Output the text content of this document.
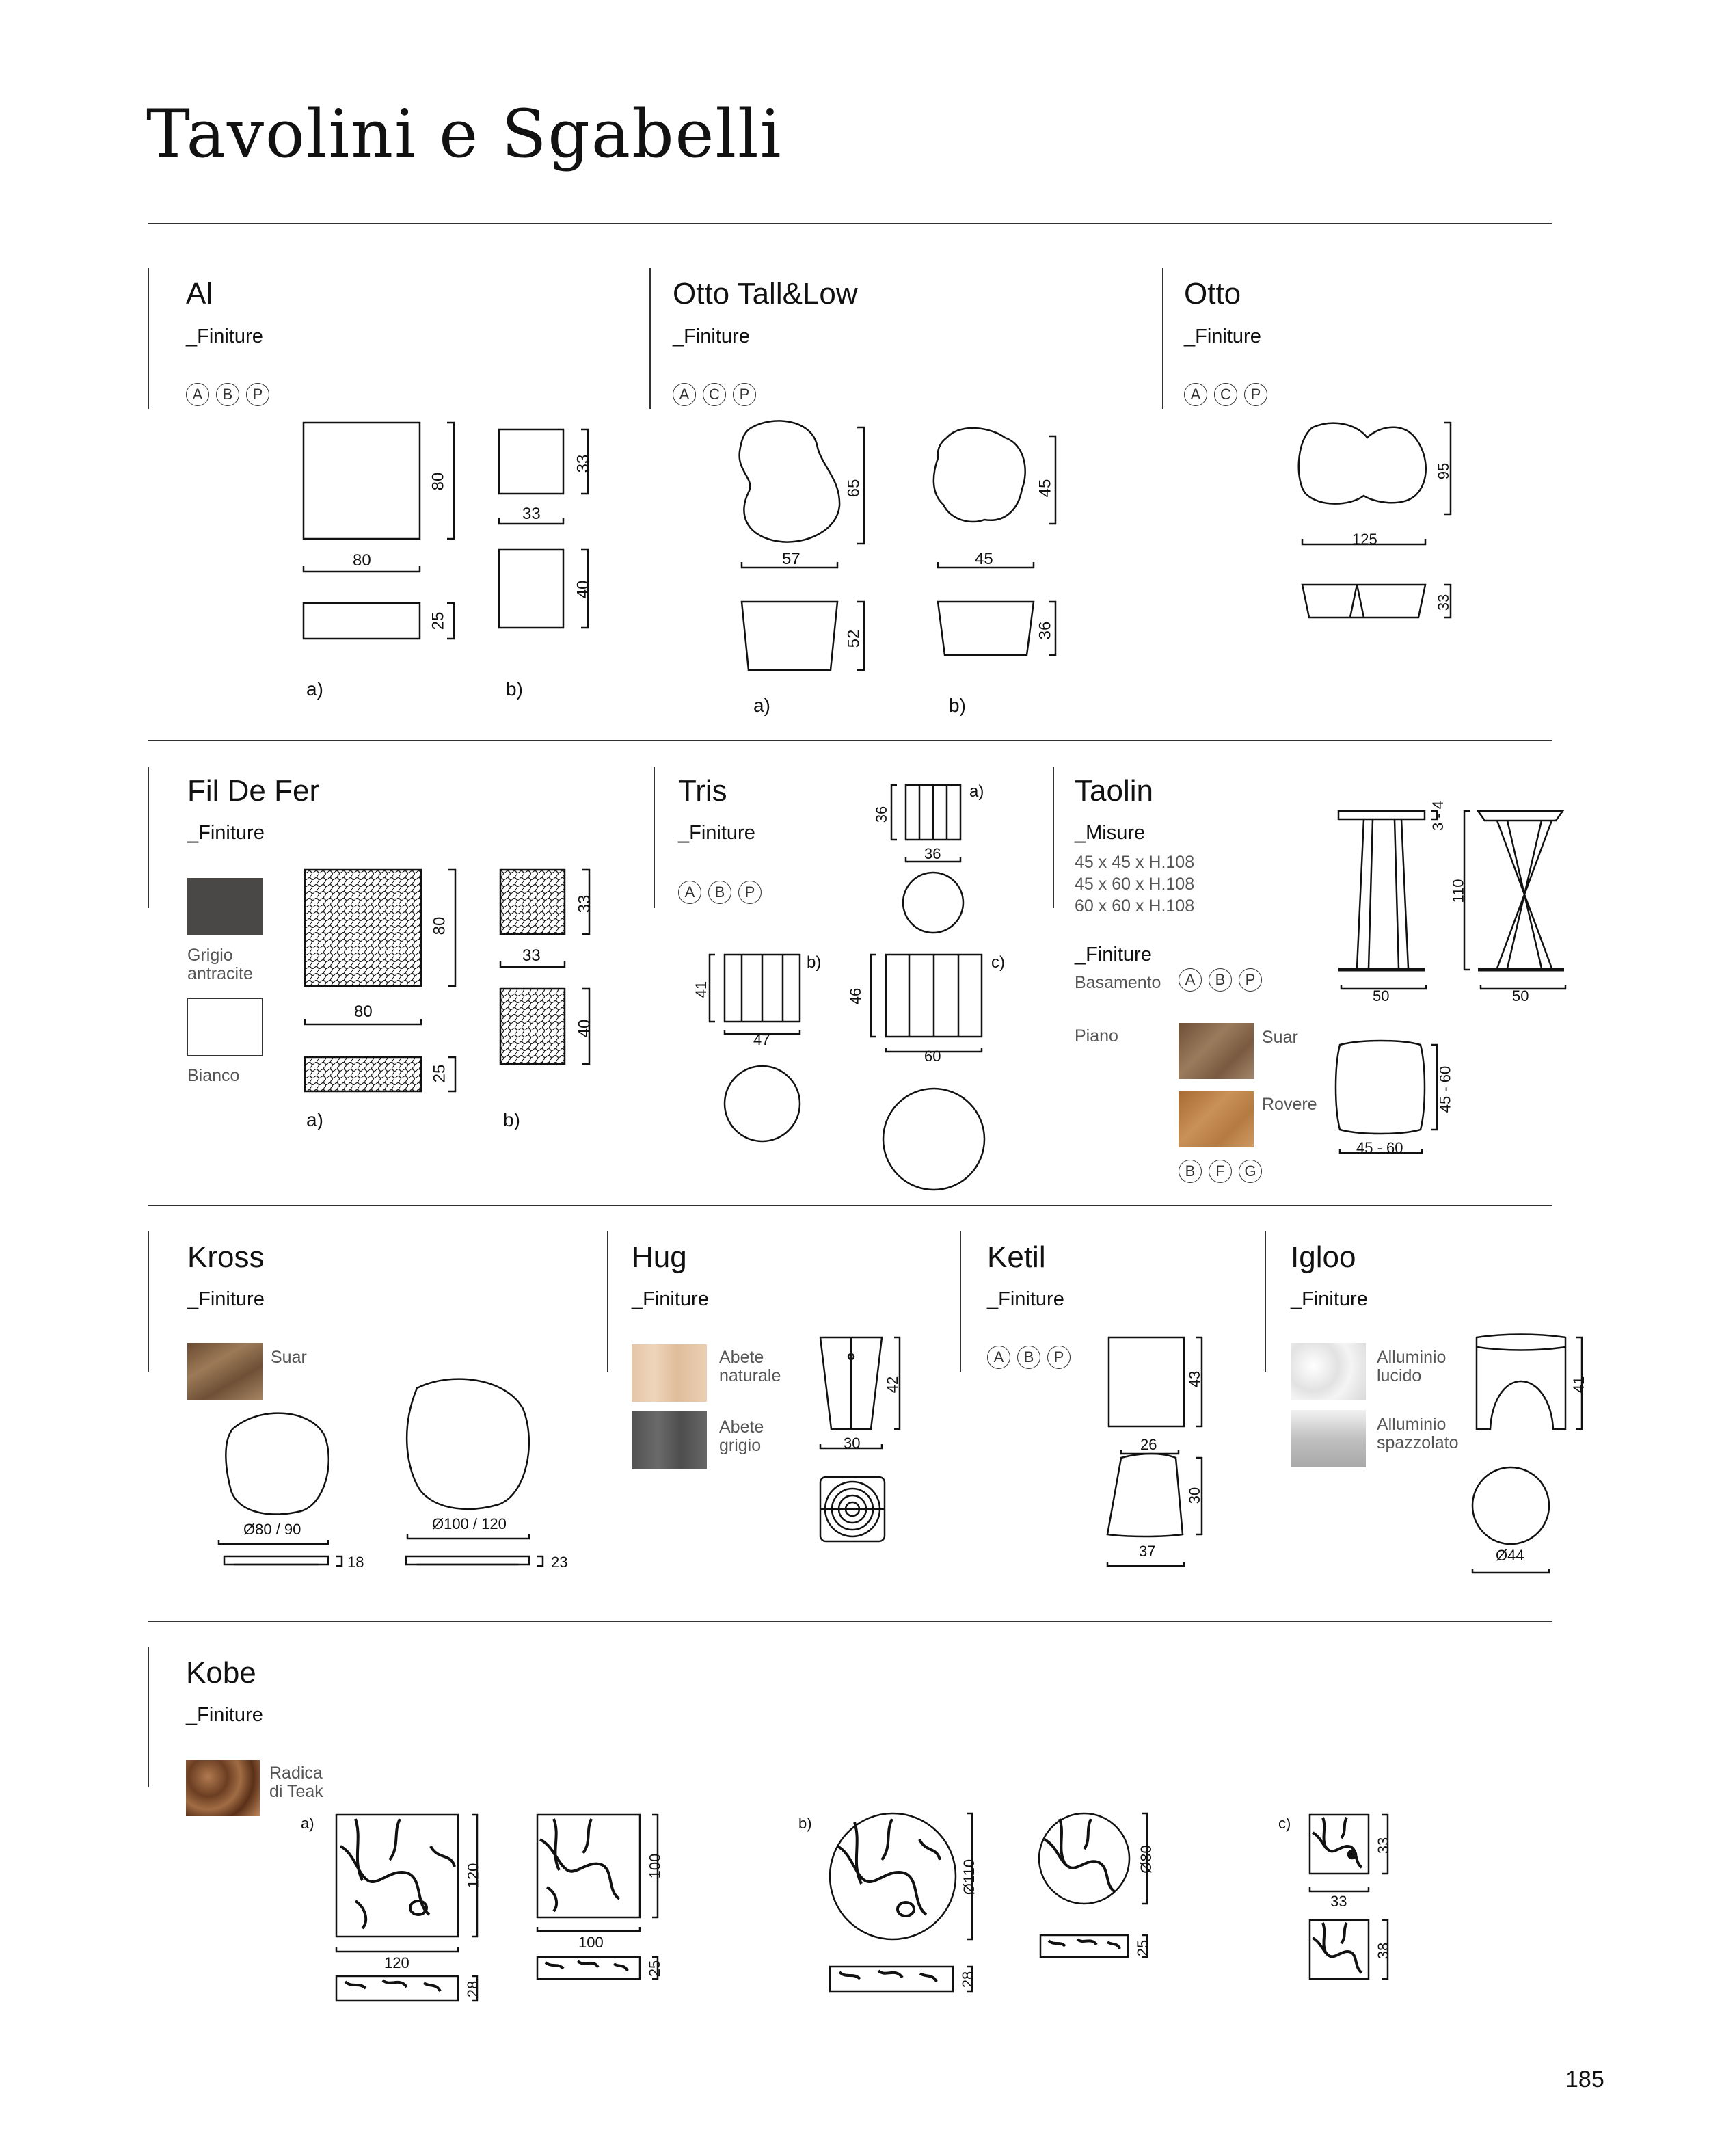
Tavolini e Sgabelli
Al
_Finiture
A	B	P
80
80
25
33
33
40
a)	b)
Otto Tall&Low
_Finiture
A	C	P
57
65
52
45
45
36
a)	b)
Otto
_Finiture
A	C	P
125
95
33
Fil De Fer
_Finiture
Grigio
antracite
Bianco
80
80
25
33
33
40
a)	b)
Tris
_Finiture
A	B	P
36
36
a)
41
47
b)
46
60
c)
Taolin
_Misure
45 x 45 x H.108
45 x 60 x H.108
60 x 60 x H.108
_Finiture
Basamento	A	B	P
Piano	Suar
Rovere
B	F	G
3 - 4
110
50	50
45 - 60
45 - 60
Kross
_Finiture
Suar
Ø80 / 90
18
Ø100 / 120
23
Hug
_Finiture
Abete
naturale
Abete
grigio
42
30
Ketil
_Finiture
A	B	P
43
26
30
37
Igloo
_Finiture
Alluminio
lucido
Alluminio
spazzolato
41
Ø44
Kobe
_Finiture
Radica
di Teak
a)	b)	c)
120
120
28
100
100
25
Ø110
28
Ø80
25
33
33
38
185
